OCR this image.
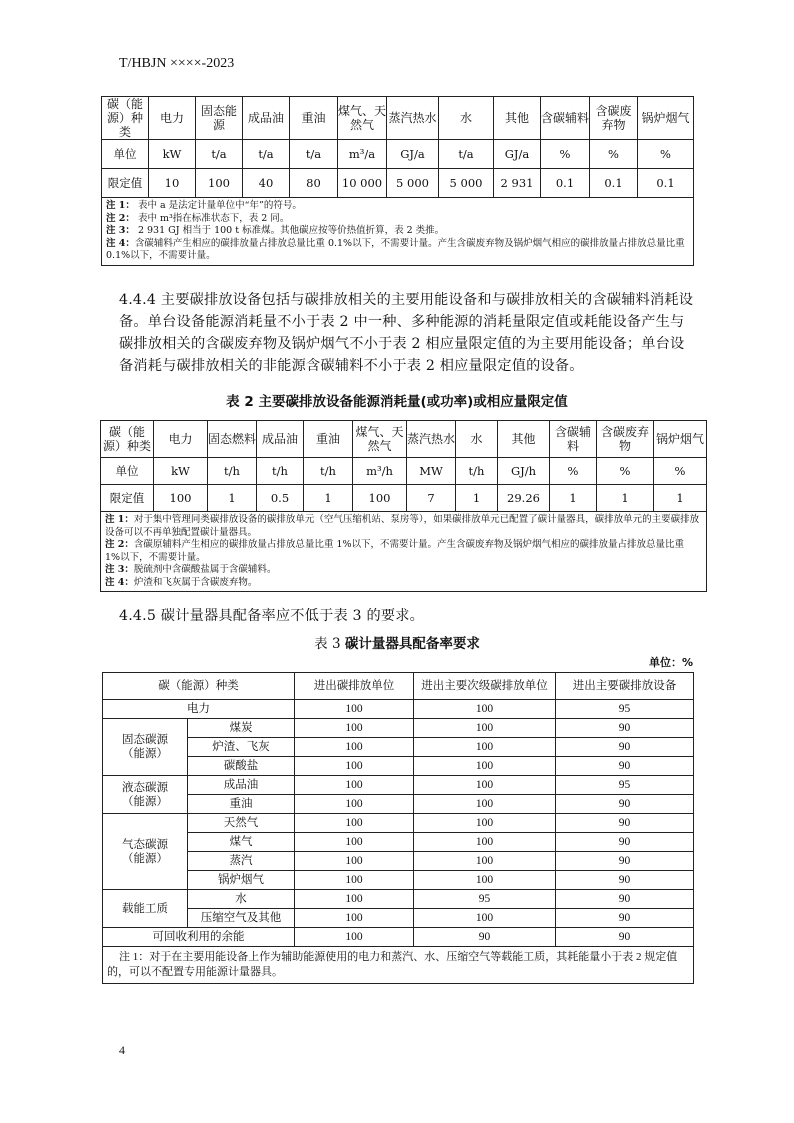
T/HBJN ××××-2023
碳（能源）种类	电力	固态能源	成品油	重油	煤气、天然气	蒸汽热水	水	其他	含碳辅料	含碳废弃物	锅炉烟气
单位	kW	t/a	t/a	t/a	m³/a	GJ/a	t/a	GJ/a	%	%	%
限定值	10	100	40	80	10 000	5 000	5 000	2 931	0.1	0.1	0.1

注 1： 表中 a 是法定计量单位中“年”的符号。
注 2： 表中 m³指在标准状态下，表 2 同。
注 3： 2 931 GJ 相当于 100 t 标准煤。其他碳应按等价热值折算，表 2 类推。
注 4：含碳辅料产生相应的碳排放量占排放总量比重 0.1%以下，不需要计量。产生含碳废弃物及锅炉烟气相应的碳排放量占排放总量比重 0.1%以下，不需要计量。											
4.4.4 主要碳排放设备包括与碳排放相关的主要用能设备和与碳排放相关的含碳辅料消耗设备。单台设备能源消耗量不小于表 2 中一种、多种能源的消耗量限定值或耗能设备产生与碳排放相关的含碳废弃物及锅炉烟气不小于表 2 相应量限定值的为主要用能设备；单台设备消耗与碳排放相关的非能源含碳辅料不小于表 2 相应量限定值的设备。
表 2 主要碳排放设备能源消耗量(或功率)或相应量限定值
碳（能源）种类	电力	固态燃料	成品油	重油	煤气、天然气	蒸汽热水	水	其他	含碳辅料	含碳废弃物	锅炉烟气
单位	kW	t/h	t/h	t/h	m³/h	MW	t/h	GJ/h	%	%	%
限定值	100	1	0.5	1	100	7	1	29.26	1	1	1

注 1：对于集中管理同类碳排放设备的碳排放单元（空气压缩机站、泵房等），如果碳排放单元已配置了碳计量器具，碳排放单元的主要碳排放设备可以不再单独配置碳计量器具。
注 2：含碳原辅料产生相应的碳排放量占排放总量比重 1%以下，不需要计量。产生含碳废弃物及锅炉烟气相应的碳排放量占排放总量比重 1%以下，不需要计量。
注 3：脱硫剂中含碳酸盐属于含碳辅料。
注 4：炉渣和飞灰属于含碳废弃物。											
4.4.5 碳计量器具配备率应不低于表 3 的要求。
表 3 碳计量器具配备率要求
单位：%
碳（能源）种类		进出碳排放单位	进出主要次级碳排放单位	进出主要碳排放设备
电力		100	100	95
固态碳源（能源）	煤炭	100	100	90
	炉渣、飞灰	100	100	90
	碳酸盐	100	100	90
液态碳源（能源）	成品油	100	100	95
	重油	100	100	90
气态碳源（能源）	天然气	100	100	90
	煤气	100	100	90
	蒸汽	100	100	90
	锅炉烟气	100	100	90
载能工质	水	100	95	90
	压缩空气及其他	100	100	90
可回收利用的余能		100	90	90
注 1：对于在主要用能设备上作为辅助能源使用的电力和蒸汽、水、压缩空气等载能工质，其耗能量小于表 2 规定值的，可以不配置专用能源计量器具。				
4
